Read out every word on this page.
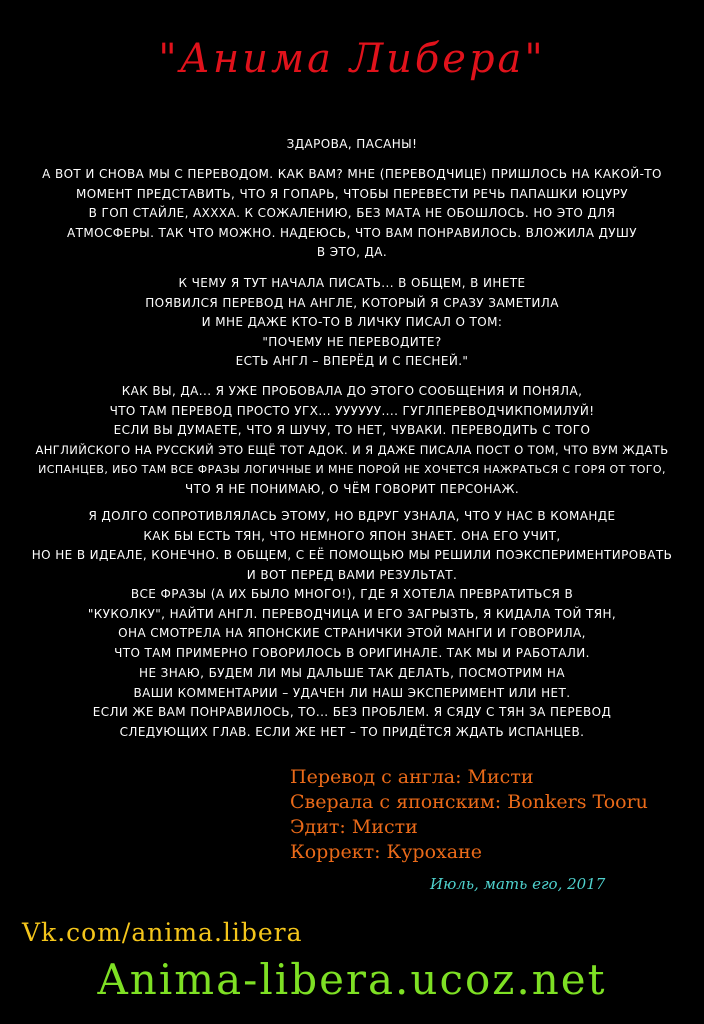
"Анима Либера"
ЗДАРОВА, ПАСАНЫ!
А ВОТ И СНОВА МЫ С ПЕРЕВОДОМ. КАК ВАМ? МНЕ (ПЕРЕВОДЧИЦЕ) ПРИШЛОСЬ НА КАКОЙ-ТО
МОМЕНТ ПРЕДСТАВИТЬ, ЧТО Я ГОПАРЬ, ЧТОБЫ ПЕРЕВЕСТИ РЕЧЬ ПАПАШКИ ЮЦУРУ
В ГОП СТАЙЛЕ, АХХХА. К СОЖАЛЕНИЮ, БЕЗ МАТА НЕ ОБОШЛОСЬ. НО ЭТО ДЛЯ
АТМОСФЕРЫ. ТАК ЧТО МОЖНО. НАДЕЮСЬ, ЧТО ВАМ ПОНРАВИЛОСЬ. ВЛОЖИЛА ДУШУ
В ЭТО, ДА.
К ЧЕМУ Я ТУТ НАЧАЛА ПИСАТЬ... В ОБЩЕМ, В ИНЕТЕ
ПОЯВИЛСЯ ПЕРЕВОД НА АНГЛЕ, КОТОРЫЙ Я СРАЗУ ЗАМЕТИЛА
И МНЕ ДАЖЕ КТО-ТО В ЛИЧКУ ПИСАЛ О ТОМ:
"ПОЧЕМУ НЕ ПЕРЕВОДИТЕ?
ЕСТЬ АНГЛ – ВПЕРЁД И С ПЕСНЕЙ."
КАК ВЫ, ДА... Я УЖЕ ПРОБОВАЛА ДО ЭТОГО СООБЩЕНИЯ И ПОНЯЛА,
ЧТО ТАМ ПЕРЕВОД ПРОСТО УГХ... УУУУУУ.... ГУГЛПЕРЕВОДЧИКПОМИЛУЙ!
ЕСЛИ ВЫ ДУМАЕТЕ, ЧТО Я ШУЧУ, ТО НЕТ, ЧУВАКИ. ПЕРЕВОДИТЬ С ТОГО
АНГЛИЙСКОГО НА РУССКИЙ ЭТО ЕЩЁ ТОТ АДОК. И Я ДАЖЕ ПИСАЛА ПОСТ О ТОМ, ЧТО ВУМ ЖДАТЬ
ИСПАНЦЕВ, ИБО ТАМ ВСЕ ФРАЗЫ ЛОГИЧНЫЕ И МНЕ ПОРОЙ НЕ ХОЧЕТСЯ НАЖРАТЬСЯ С ГОРЯ ОТ ТОГО,
ЧТО Я НЕ ПОНИМАЮ, О ЧЁМ ГОВОРИТ ПЕРСОНАЖ.
Я ДОЛГО СОПРОТИВЛЯЛАСЬ ЭТОМУ, НО ВДРУГ УЗНАЛА, ЧТО У НАС В КОМАНДЕ
КАК БЫ ЕСТЬ ТЯН, ЧТО НЕМНОГО ЯПОН ЗНАЕТ. ОНА ЕГО УЧИТ,
НО НЕ В ИДЕАЛЕ, КОНЕЧНО. В ОБЩЕМ, С ЕЁ ПОМОЩЬЮ МЫ РЕШИЛИ ПОЭКСПЕРИМЕНТИРОВАТЬ
И ВОТ ПЕРЕД ВАМИ РЕЗУЛЬТАТ.
ВСЕ ФРАЗЫ (А ИХ БЫЛО МНОГО!), ГДЕ Я ХОТЕЛА ПРЕВРАТИТЬСЯ В
"КУКОЛКУ", НАЙТИ АНГЛ. ПЕРЕВОДЧИЦА И ЕГО ЗАГРЫЗТЬ, Я КИДАЛА ТОЙ ТЯН,
ОНА СМОТРЕЛА НА ЯПОНСКИЕ СТРАНИЧКИ ЭТОЙ МАНГИ И ГОВОРИЛА,
ЧТО ТАМ ПРИМЕРНО ГОВОРИЛОСЬ В ОРИГИНАЛЕ. ТАК МЫ И РАБОТАЛИ.
НЕ ЗНАЮ, БУДЕМ ЛИ МЫ ДАЛЬШЕ ТАК ДЕЛАТЬ, ПОСМОТРИМ НА
ВАШИ КОММЕНТАРИИ – УДАЧЕН ЛИ НАШ ЭКСПЕРИМЕНТ ИЛИ НЕТ.
ЕСЛИ ЖЕ ВАМ ПОНРАВИЛОСЬ, ТО... БЕЗ ПРОБЛЕМ. Я СЯДУ С ТЯН ЗА ПЕРЕВОД
СЛЕДУЮЩИХ ГЛАВ. ЕСЛИ ЖЕ НЕТ – ТО ПРИДЁТСЯ ЖДАТЬ ИСПАНЦЕВ.
Перевод с англа: Мисти
Сверала с японским: Bonkers Tooru
Эдит: Мисти
Коррект: Курохане
Июль, мать его, 2017
Vk.com/anima.libera
Anima-libera.ucoz.net
